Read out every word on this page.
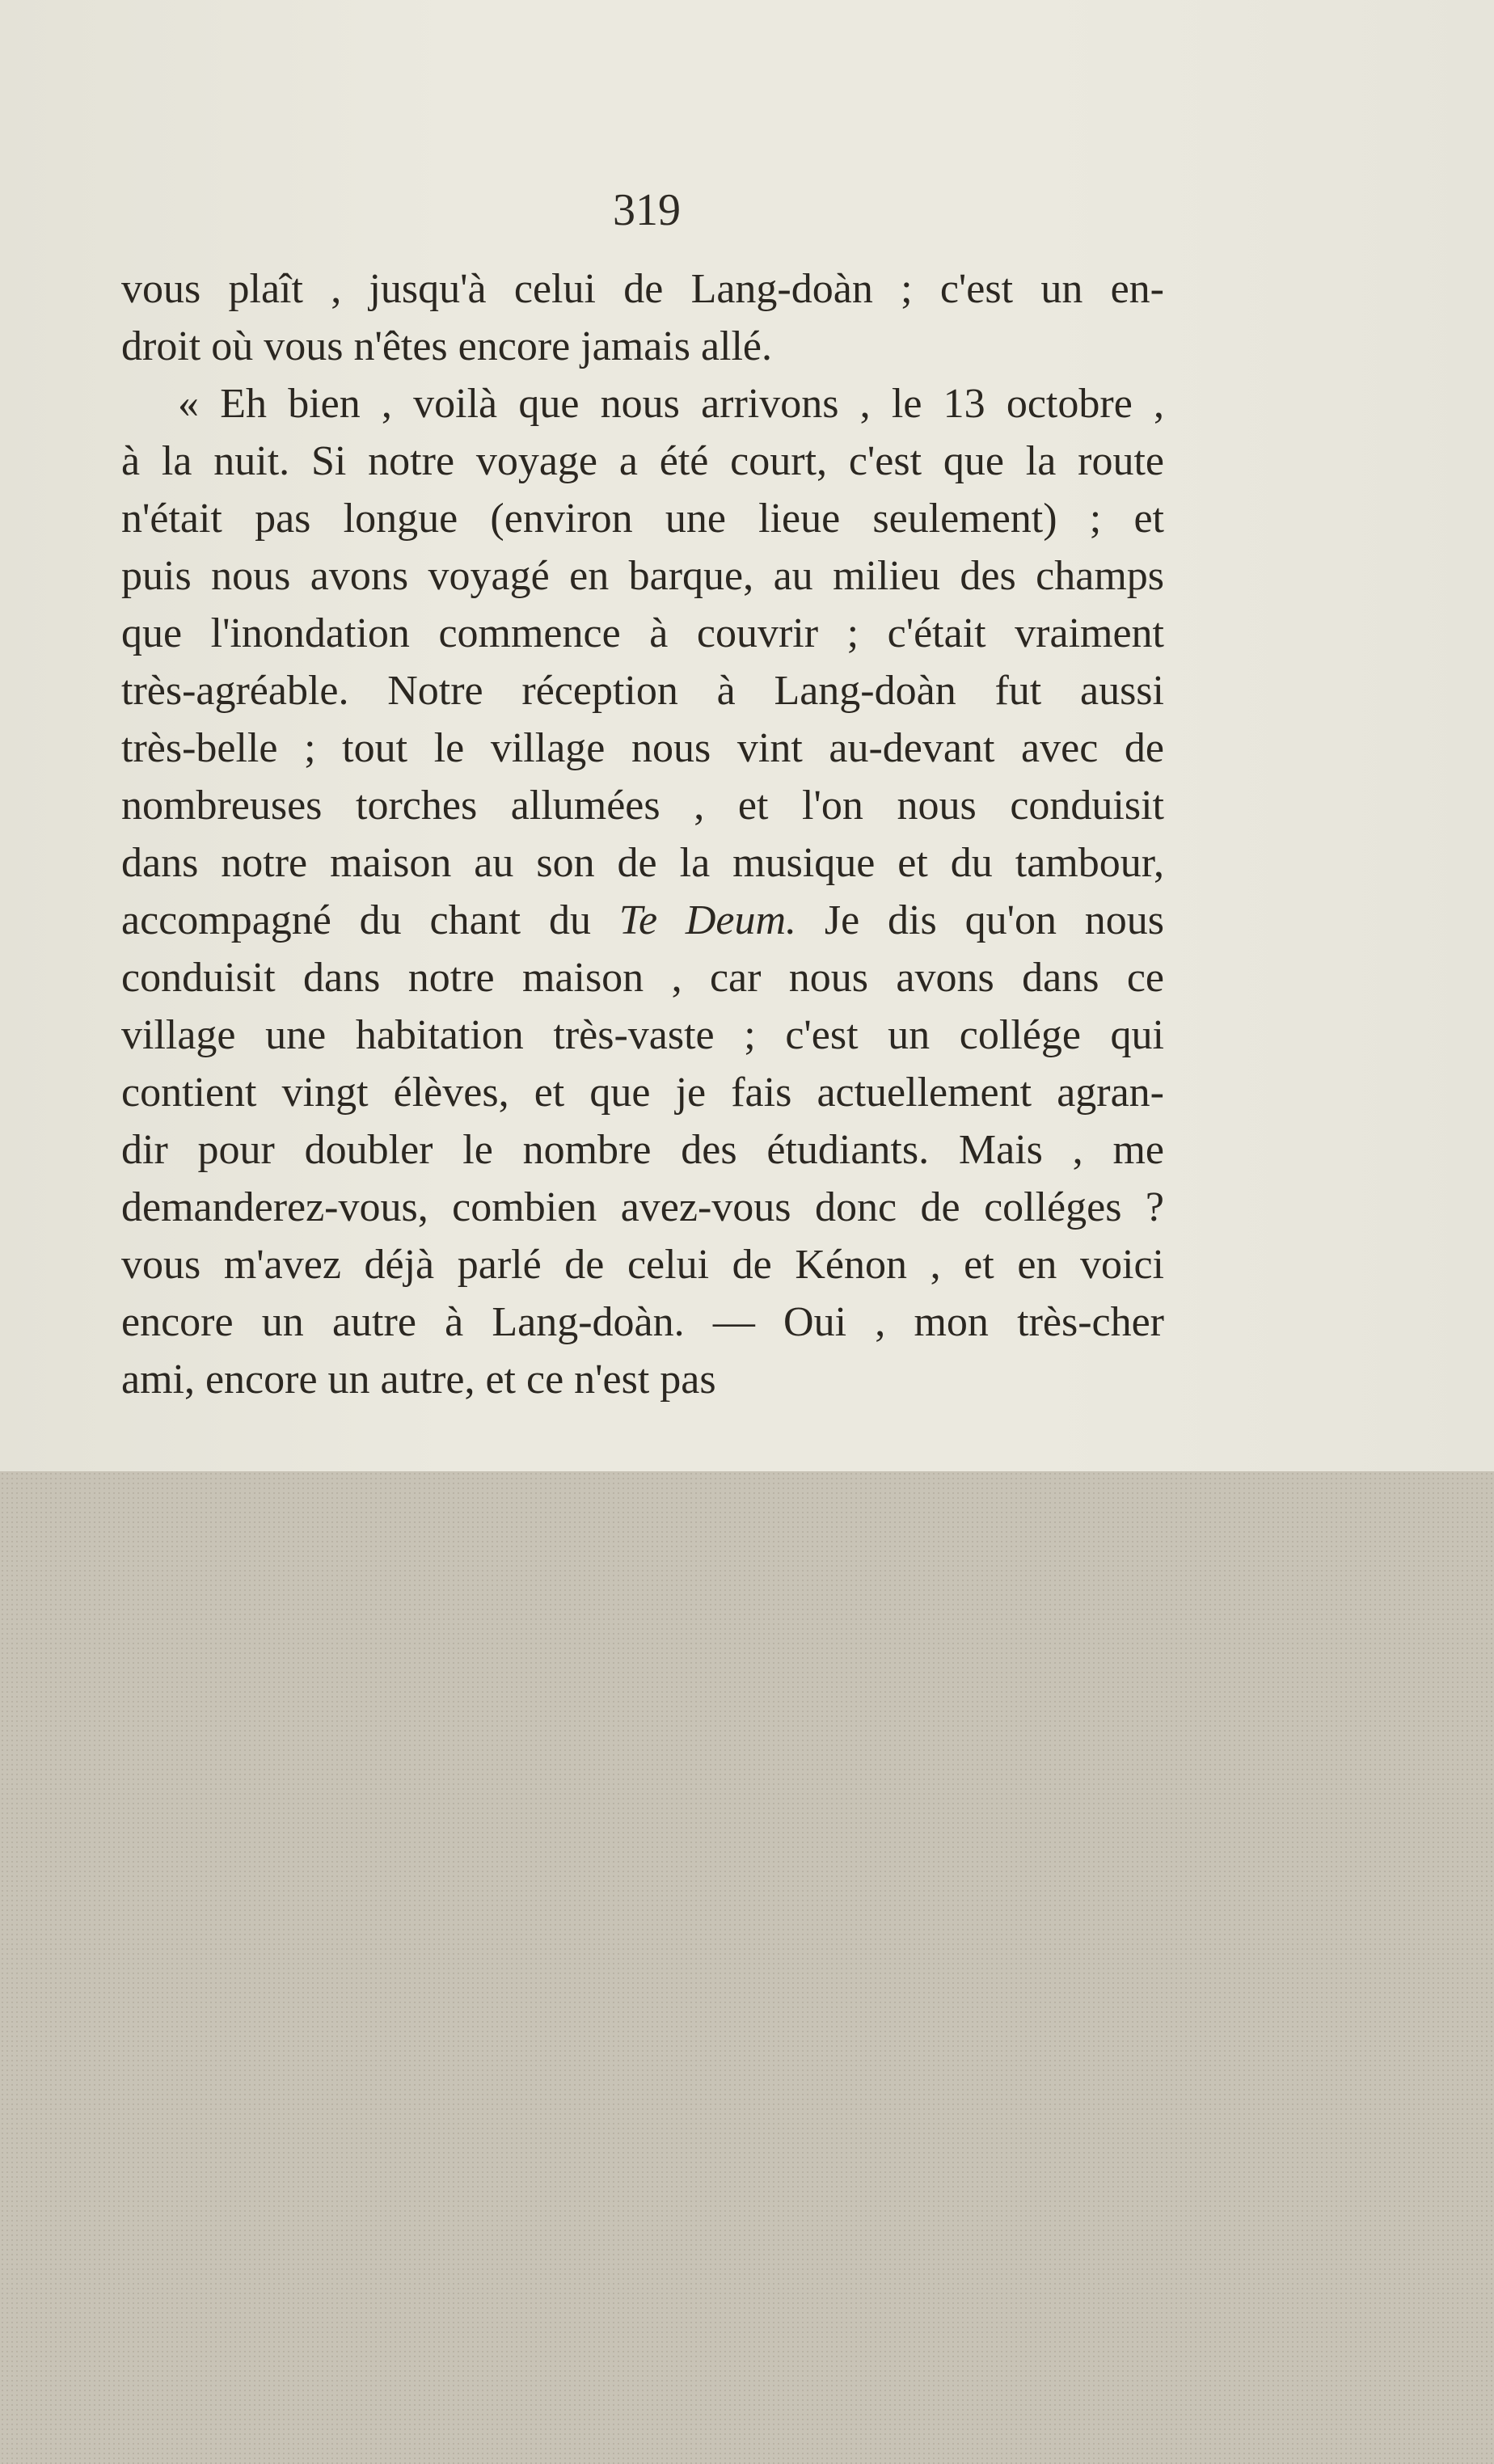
319
vous plaît , jusqu'à celui de Lang-doàn ; c'est un en-
droit où vous n'êtes encore jamais allé.
« Eh bien , voilà que nous arrivons , le 13 octobre ,
à la nuit. Si notre voyage a été court, c'est que la route
n'était pas longue (environ une lieue seulement) ; et
puis nous avons voyagé en barque, au milieu des champs
que l'inondation commence à couvrir ; c'était vraiment
très-agréable. Notre réception à Lang-doàn fut aussi
très-belle ; tout le village nous vint au-devant avec de
nombreuses torches allumées , et l'on nous conduisit
dans notre maison au son de la musique et du tambour,
accompagné du chant du Te Deum. Je dis qu'on nous
conduisit dans notre maison , car nous avons dans ce
village une habitation très-vaste ; c'est un collége qui
contient vingt élèves, et que je fais actuellement agran-
dir pour doubler le nombre des étudiants. Mais , me
demanderez-vous, combien avez-vous donc de colléges ?
vous m'avez déjà parlé de celui de Kénon , et en voici
encore un autre à Lang-doàn. — Oui , mon très-cher
ami, encore un autre, et ce n'est pas
